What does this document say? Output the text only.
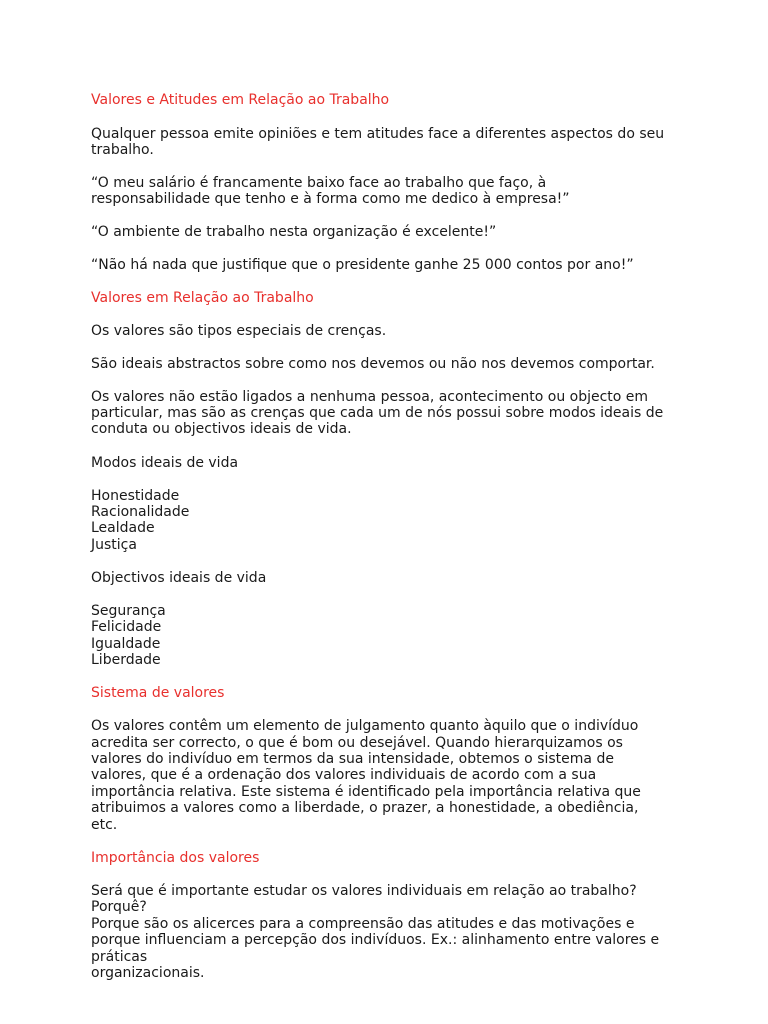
Valores e Atitudes em Relação ao Trabalho
Qualquer pessoa emite opiniões e tem atitudes face a diferentes aspectos do seu
trabalho.
“O meu salário é francamente baixo face ao trabalho que faço, à
responsabilidade que tenho e à forma como me dedico à empresa!”
“O ambiente de trabalho nesta organização é excelente!”
“Não há nada que justifique que o presidente ganhe 25 000 contos por ano!”
Valores em Relação ao Trabalho
Os valores são tipos especiais de crenças.
São ideais abstractos sobre como nos devemos ou não nos devemos comportar.
Os valores não estão ligados a nenhuma pessoa, acontecimento ou objecto em
particular, mas são as crenças que cada um de nós possui sobre modos ideais de
conduta ou objectivos ideais de vida.
Modos ideais de vida
Honestidade
Racionalidade
Lealdade
Justiça
Objectivos ideais de vida
Segurança
Felicidade
Igualdade
Liberdade
Sistema de valores
Os valores contêm um elemento de julgamento quanto àquilo que o indivíduo
acredita ser correcto, o que é bom ou desejável. Quando hierarquizamos os
valores do indivíduo em termos da sua intensidade, obtemos o sistema de
valores, que é a ordenação dos valores individuais de acordo com a sua
importância relativa. Este sistema é identificado pela importância relativa que
atribuimos a valores como a liberdade, o prazer, a honestidade, a obediência,
etc.
Importância dos valores
Será que é importante estudar os valores individuais em relação ao trabalho?
Porquê?
Porque são os alicerces para a compreensão das atitudes e das motivações e
porque influenciam a percepção dos indivíduos. Ex.: alinhamento entre valores e
práticas
organizacionais.
